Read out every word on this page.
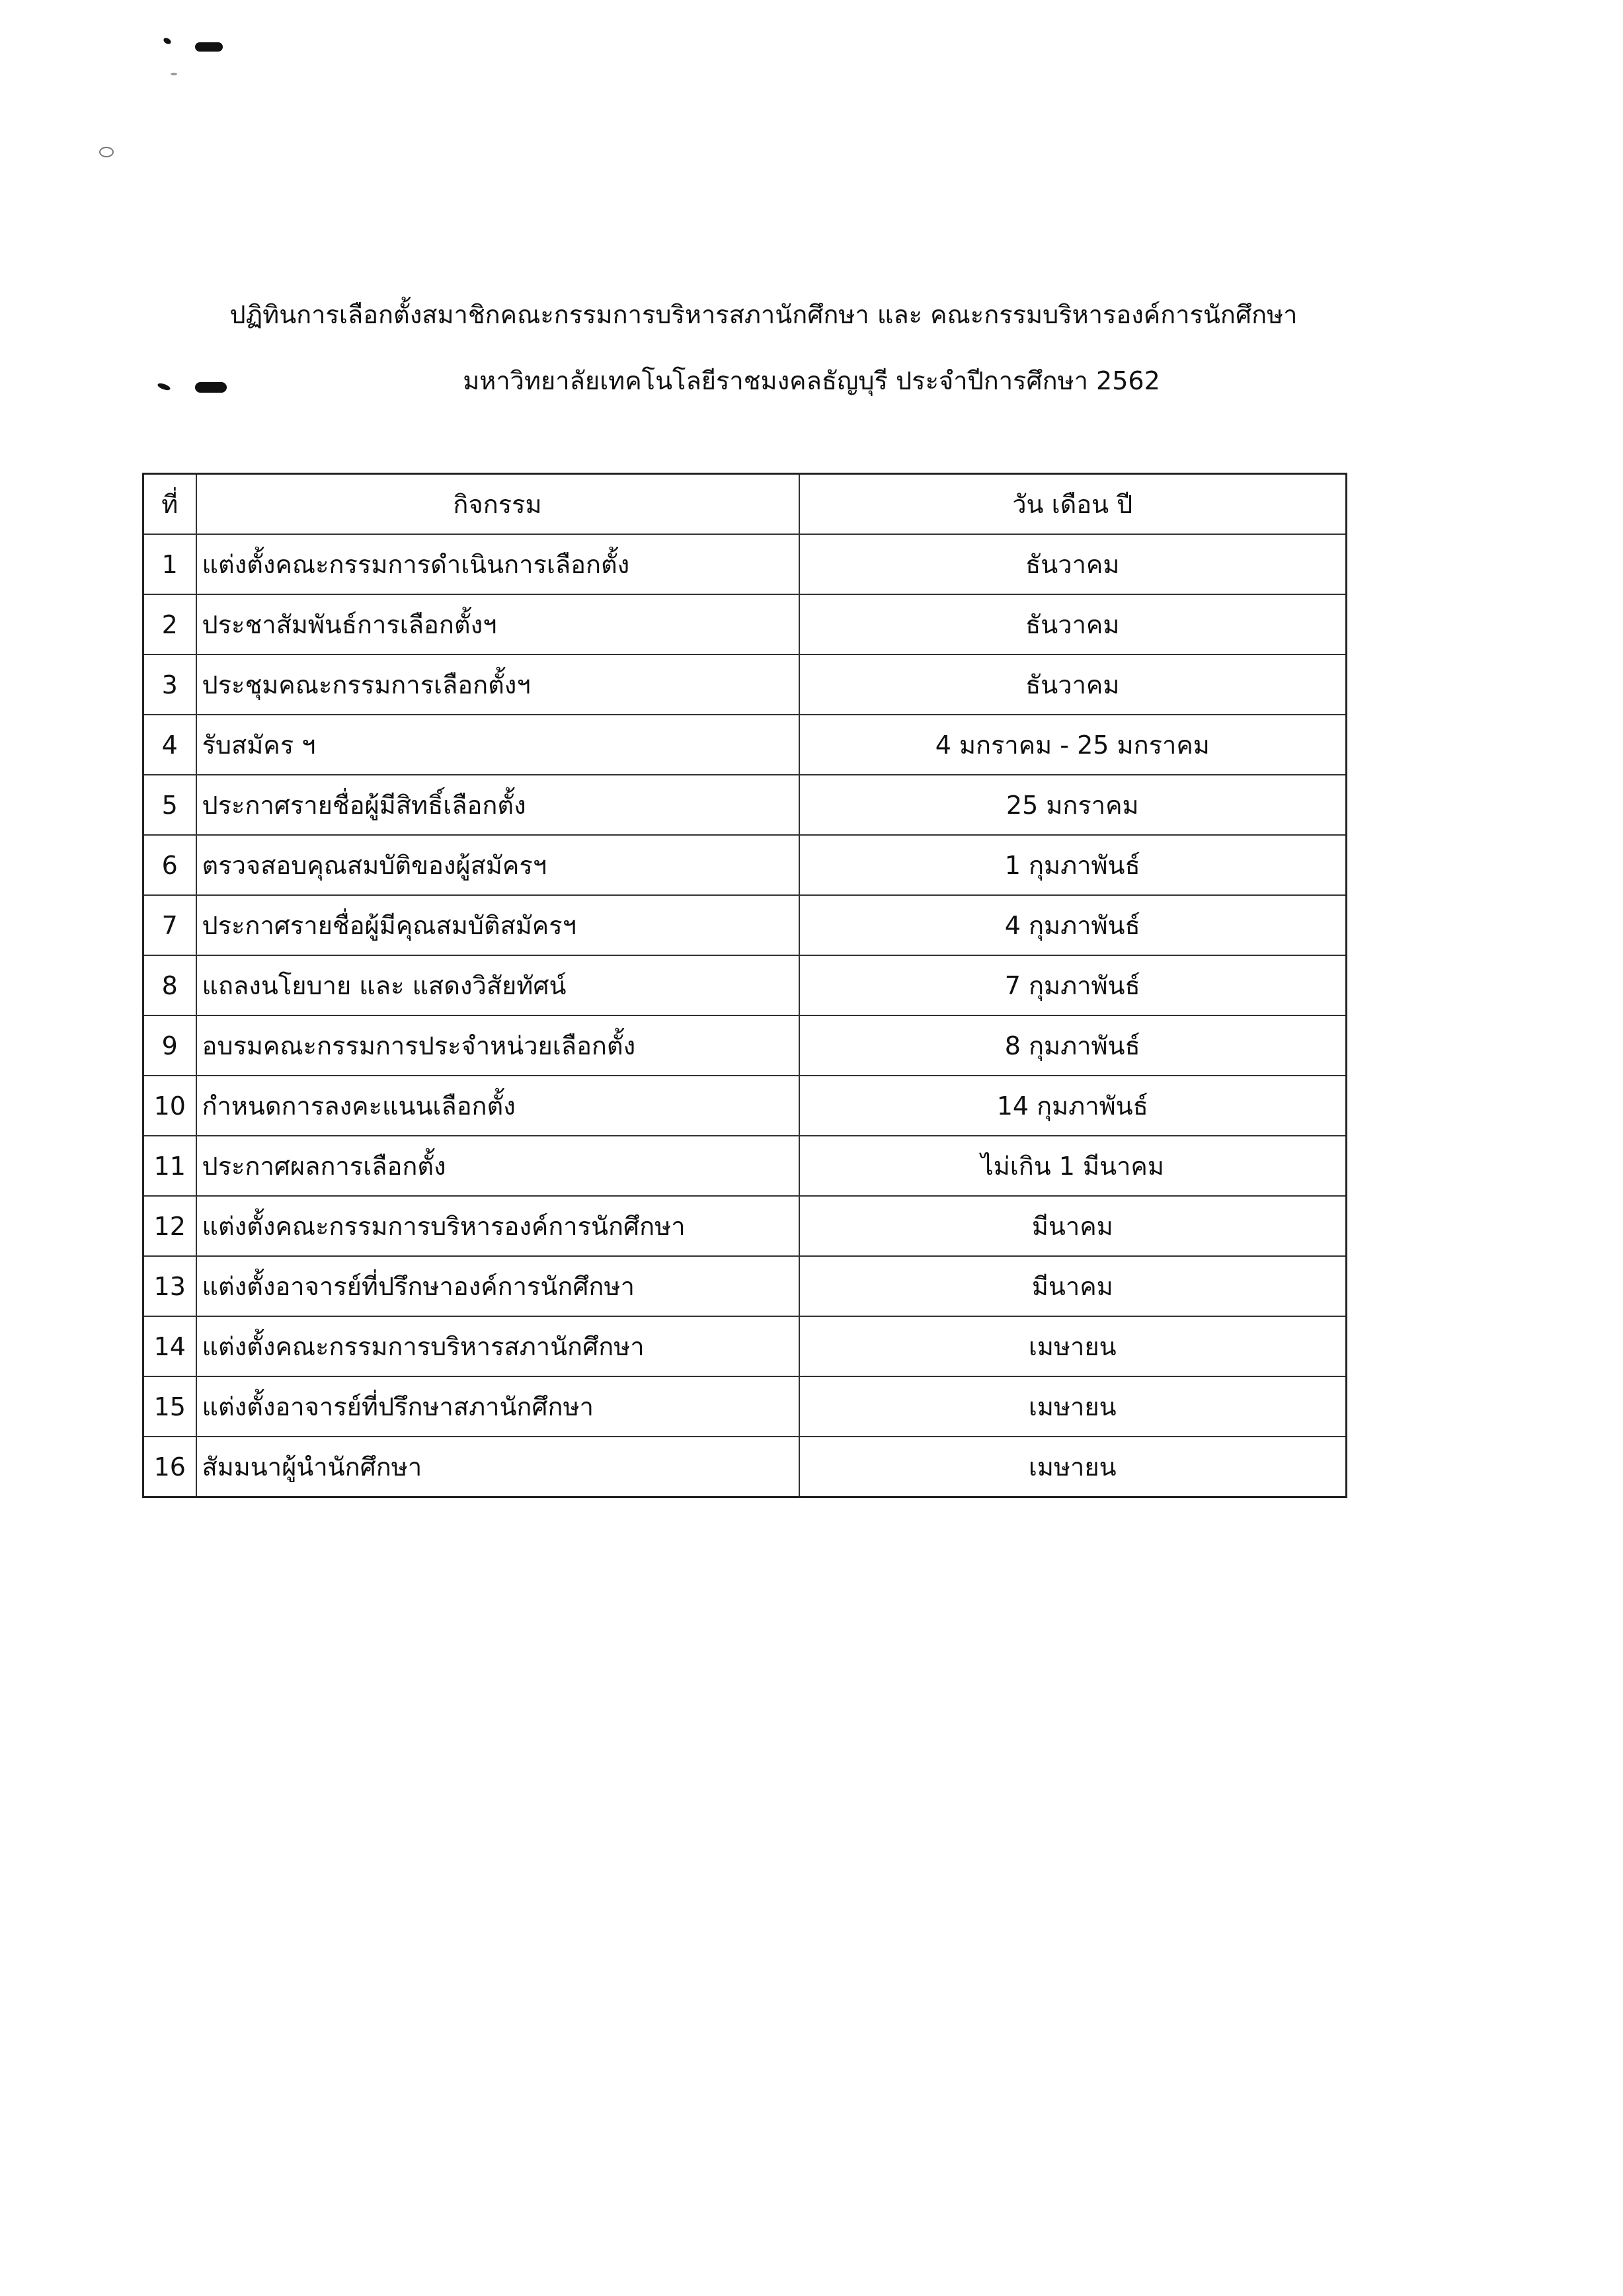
ปฏิทินการเลือกตั้งสมาชิกคณะกรรมการบริหารสภานักศึกษา และ คณะกรรมบริหารองค์การนักศึกษา
มหาวิทยาลัยเทคโนโลยีราชมงคลธัญบุรี ประจำปีการศึกษา 2562
ที่	กิจกรรม	วัน เดือน ปี
1	แต่งตั้งคณะกรรมการดำเนินการเลือกตั้ง	ธันวาคม
2	ประชาสัมพันธ์การเลือกตั้งฯ	ธันวาคม
3	ประชุมคณะกรรมการเลือกตั้งฯ	ธันวาคม
4	รับสมัคร ฯ	4 มกราคม - 25 มกราคม
5	ประกาศรายชื่อผู้มีสิทธิ์เลือกตั้ง	25 มกราคม
6	ตรวจสอบคุณสมบัติของผู้สมัครฯ	1 กุมภาพันธ์
7	ประกาศรายชื่อผู้มีคุณสมบัติสมัครฯ	4 กุมภาพันธ์
8	แถลงนโยบาย และ แสดงวิสัยทัศน์	7 กุมภาพันธ์
9	อบรมคณะกรรมการประจำหน่วยเลือกตั้ง	8 กุมภาพันธ์
10	กำหนดการลงคะแนนเลือกตั้ง	14 กุมภาพันธ์
11	ประกาศผลการเลือกตั้ง	ไม่เกิน 1 มีนาคม
12	แต่งตั้งคณะกรรมการบริหารองค์การนักศึกษา	มีนาคม
13	แต่งตั้งอาจารย์ที่ปรึกษาองค์การนักศึกษา	มีนาคม
14	แต่งตั้งคณะกรรมการบริหารสภานักศึกษา	เมษายน
15	แต่งตั้งอาจารย์ที่ปรึกษาสภานักศึกษา	เมษายน
16	สัมมนาผู้นำนักศึกษา	เมษายน
